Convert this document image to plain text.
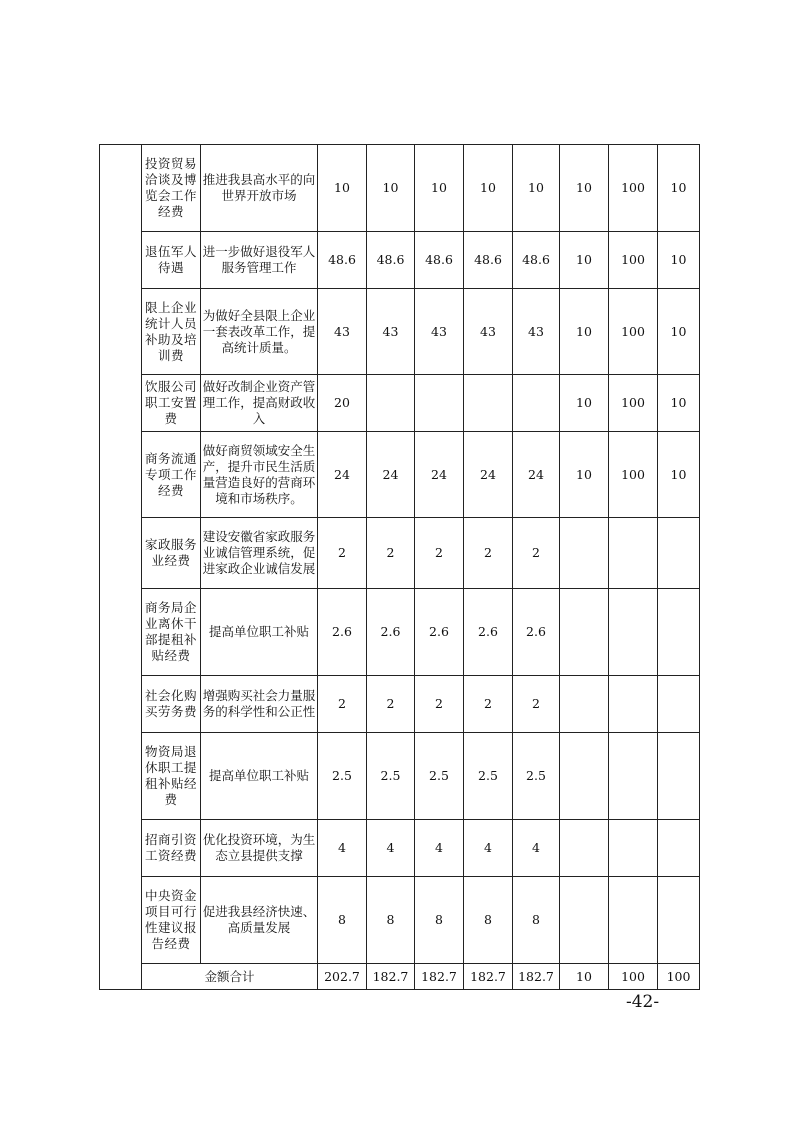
	投资贸易洽谈及博览会工作经费	推进我县高水平的向世界开放市场	10	10	10	10	10	10	100	10
	退伍军人待遇	进一步做好退役军人服务管理工作	48.6	48.6	48.6	48.6	48.6	10	100	10
	限上企业统计人员补助及培训费	为做好全县限上企业一套表改革工作，提高统计质量。	43	43	43	43	43	10	100	10
	饮服公司职工安置费	做好改制企业资产管理工作，提高财政收入	20					10	100	10
	商务流通专项工作经费	做好商贸领域安全生产，提升市民生活质量营造良好的营商环境和市场秩序。	24	24	24	24	24	10	100	10
	家政服务业经费	建设安徽省家政服务业诚信管理系统，促进家政企业诚信发展	2	2	2	2	2			
	商务局企业离休干部提租补贴经费	提高单位职工补贴	2.6	2.6	2.6	2.6	2.6			
	社会化购买劳务费	增强购买社会力量服务的科学性和公正性	2	2	2	2	2			
	物资局退休职工提租补贴经费	提高单位职工补贴	2.5	2.5	2.5	2.5	2.5			
	招商引资工资经费	优化投资环境，为生态立县提供支撑	4	4	4	4	4			
	中央资金项目可行性建议报告经费	促进我县经济快速、高质量发展	8	8	8	8	8			
	金额合计		202.7	182.7	182.7	182.7	182.7	10	100	100
-42-
